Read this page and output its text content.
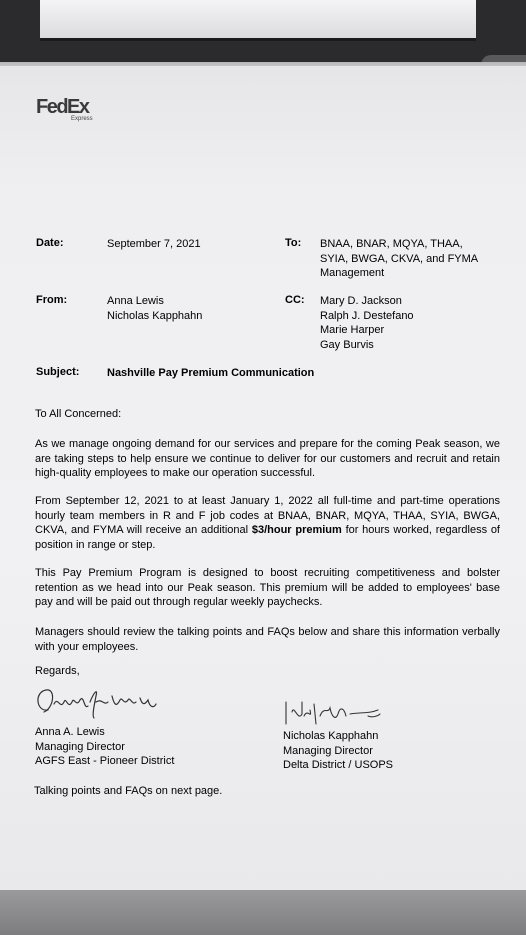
FedEx
Express
Date:	September 7, 2021	To: BNAA, BNAR, MQYA, THAA,
SYIA, BWGA, CKVA, and FYMA
Management
From:	Anna Lewis
Nicholas Kapphahn
CC: Mary D. Jackson
Ralph J. Destefano
Marie Harper
Gay Burvis
Subject:	Nashville Pay Premium Communication
To All Concerned:
As we manage ongoing demand for our services and prepare for the coming Peak season, we are taking steps to help ensure we continue to deliver for our customers and recruit and retain high-quality employees to make our operation successful.
From September 12, 2021 to at least January 1, 2022 all full-time and part-time operations hourly team members in R and F job codes at BNAA, BNAR, MQYA, THAA, SYIA, BWGA, CKVA, and FYMA will receive an additional $3/hour premium for hours worked, regardless of position in range or step.
This Pay Premium Program is designed to boost recruiting competitiveness and bolster retention as we head into our Peak season. This premium will be added to employees' base pay and will be paid out through regular weekly paychecks.
Managers should review the talking points and FAQs below and share this information verbally with your employees.
Regards,
Anna A. Lewis
Managing Director
AGFS East - Pioneer District
Nicholas Kapphahn
Managing Director
Delta District / USOPS
Talking points and FAQs on next page.
